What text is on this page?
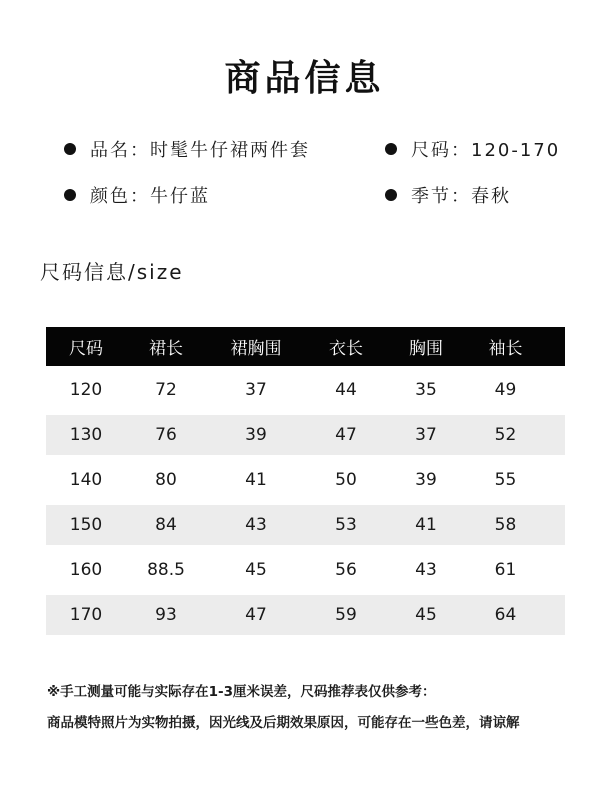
商品信息
品名：时髦牛仔裙两件套	尺码：120-170
颜色：牛仔蓝	季节：春秋
尺码信息/size
尺码	裙长	裙胸围	衣长	胸围	袖长
120	72	37	44	35	49
130	76	39	47	37	52
140	80	41	50	39	55
150	84	43	53	41	58
160	88.5	45	56	43	61
170	93	47	59	45	64
※手工测量可能与实际存在1-3厘米误差，尺码推荐表仅供参考：
商品模特照片为实物拍摄，因光线及后期效果原因，可能存在一些色差，请谅解
